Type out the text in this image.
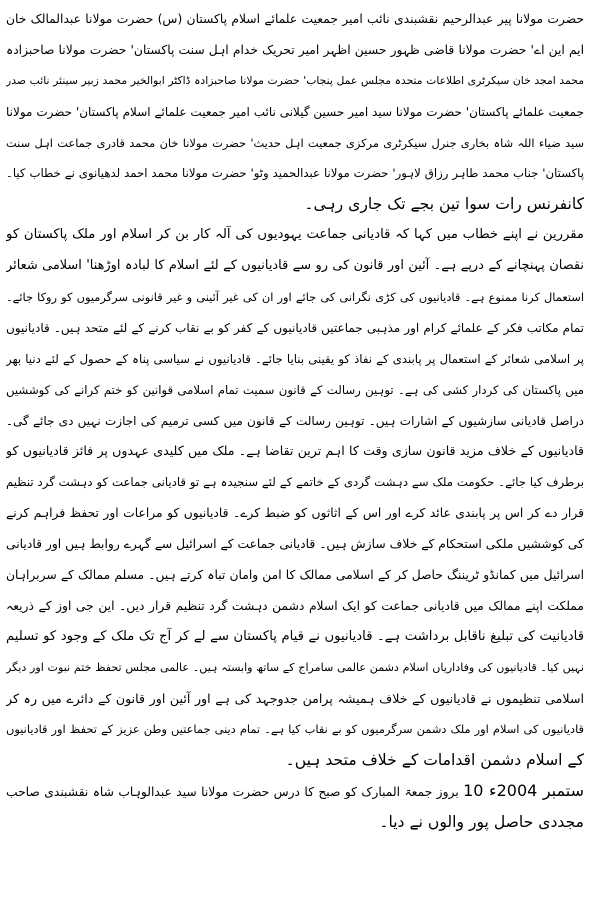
حضرت مولانا پیر عبدالرحیم نقشبندی نائب امیر جمعیت علمائے اسلام پاکستان (س) حضرت مولانا عبدالمالک خان
ایم این اے' حضرت مولانا قاضی ظہور حسین اظہر امیر تحریک خدام اہل سنت پاکستان' حضرت مولانا صاحبزادہ
محمد امجد خان سیکرٹری اطلاعات متحدہ مجلس عمل پنجاب' حضرت مولانا صاحبزادہ ڈاکٹر ابوالخیر محمد زبیر سینئر نائب صدر
جمعیت علمائے پاکستان' حضرت مولانا سید امیر حسین گیلانی نائب امیر جمعیت علمائے اسلام پاکستان' حضرت مولانا
سید ضیاء اللہ شاہ بخاری جنرل سیکرٹری مرکزی جمعیت اہل حدیث' حضرت مولانا خان محمد قادری جماعت اہل سنت
پاکستان' جناب محمد طاہر رزاق لاہور' حضرت مولانا عبدالحمید وٹو' حضرت مولانا محمد احمد لدھیانوی نے خطاب کیا۔
کانفرنس رات سوا تین بجے تک جاری رہی۔
مقررین نے اپنے خطاب میں کہا کہ قادیانی جماعت یہودیوں کی آلہ کار بن کر اسلام اور ملک پاکستان کو
نقصان پہنچانے کے درپے ہے۔ آئین اور قانون کی رو سے قادیانیوں کے لئے اسلام کا لبادہ اوڑھنا' اسلامی شعائر
استعمال کرنا ممنوع ہے۔ قادیانیوں کی کڑی نگرانی کی جائے اور ان کی غیر آئینی و غیر قانونی سرگرمیوں کو روکا جائے۔
تمام مکاتب فکر کے علمائے کرام اور مذہبی جماعتیں قادیانیوں کے کفر کو بے نقاب کرنے کے لئے متحد ہیں۔ قادیانیوں
پر اسلامی شعائر کے استعمال پر پابندی کے نفاذ کو یقینی بنایا جائے۔ قادیانیوں نے سیاسی پناہ کے حصول کے لئے دنیا بھر
میں پاکستان کی کردار کشی کی ہے۔ توہین رسالت کے قانون سمیت تمام اسلامی قوانین کو ختم کرانے کی کوششیں
دراصل قادیانی سازشیوں کے اشارات ہیں۔ توہین رسالت کے قانون میں کسی ترمیم کی اجازت نہیں دی جائے گی۔
قادیانیوں کے خلاف مزید قانون سازی وقت کا اہم ترین تقاضا ہے۔ ملک میں کلیدی عہدوں پر فائز قادیانیوں کو
برطرف کیا جائے۔ حکومت ملک سے دہشت گردی کے خاتمے کے لئے سنجیدہ ہے تو قادیانی جماعت کو دہشت گرد تنظیم
قرار دے کر اس پر پابندی عائد کرے اور اس کے اثاثوں کو ضبط کرے۔ قادیانیوں کو مراعات اور تحفظ فراہم کرنے
کی کوششیں ملکی استحکام کے خلاف سازش ہیں۔ قادیانی جماعت کے اسرائیل سے گہرے روابط ہیں اور قادیانی
اسرائیل میں کمانڈو ٹریننگ حاصل کر کے اسلامی ممالک کا امن وامان تباہ کرتے ہیں۔ مسلم ممالک کے سربراہان
مملکت اپنے ممالک میں قادیانی جماعت کو ایک اسلام دشمن دہشت گرد تنظیم قرار دیں۔ این جی اوز کے ذریعہ
قادیانیت کی تبلیغ ناقابل برداشت ہے۔ قادیانیوں نے قیام پاکستان سے لے کر آج تک ملک کے وجود کو تسلیم
نہیں کیا۔ قادیانیوں کی وفاداریاں اسلام دشمن عالمی سامراج کے ساتھ وابستہ ہیں۔ عالمی مجلس تحفظ ختم نبوت اور دیگر
اسلامی تنظیموں نے قادیانیوں کے خلاف ہمیشہ پرامن جدوجہد کی ہے اور آئین اور قانون کے دائرے میں رہ کر
قادیانیوں کی اسلام اور ملک دشمن سرگرمیوں کو بے نقاب کیا ہے۔ تمام دینی جماعتیں وطن عزیز کے تحفظ اور قادیانیوں
کے اسلام دشمن اقدامات کے خلاف متحد ہیں۔
10 ستمبر 2004ء بروز جمعۃ المبارک کو صبح کا درس حضرت مولانا سید عبدالوہاب شاہ نقشبندی صاحب
مجددی حاصل پور والوں نے دیا۔
